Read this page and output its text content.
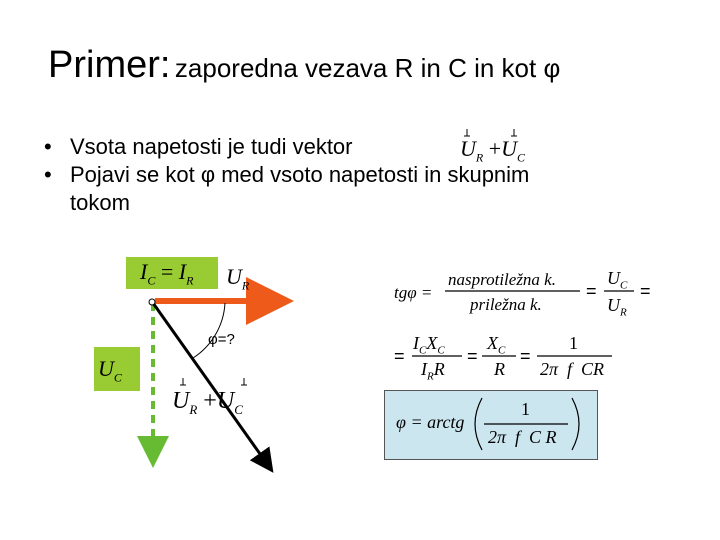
Primer: zaporedna vezava R in C in kot φ
• Vsota napetosti je tudi vektor
• Pojavi se kot φ med vsoto napetosti in skupnim
tokom
$U_R +U_C$
$I_C = I_R$ $U_R$
$U_C$
φ=?
$U_R +U_C$
tgφ =
nasprotiležna k.
priležna k.
=
$U_C$
$U_R$
=
=
$I_CX_C$
$I_RR$
=
$X_C$
R
=
1
2π  f  CR
φ = arctg
1
2π  f  C R
